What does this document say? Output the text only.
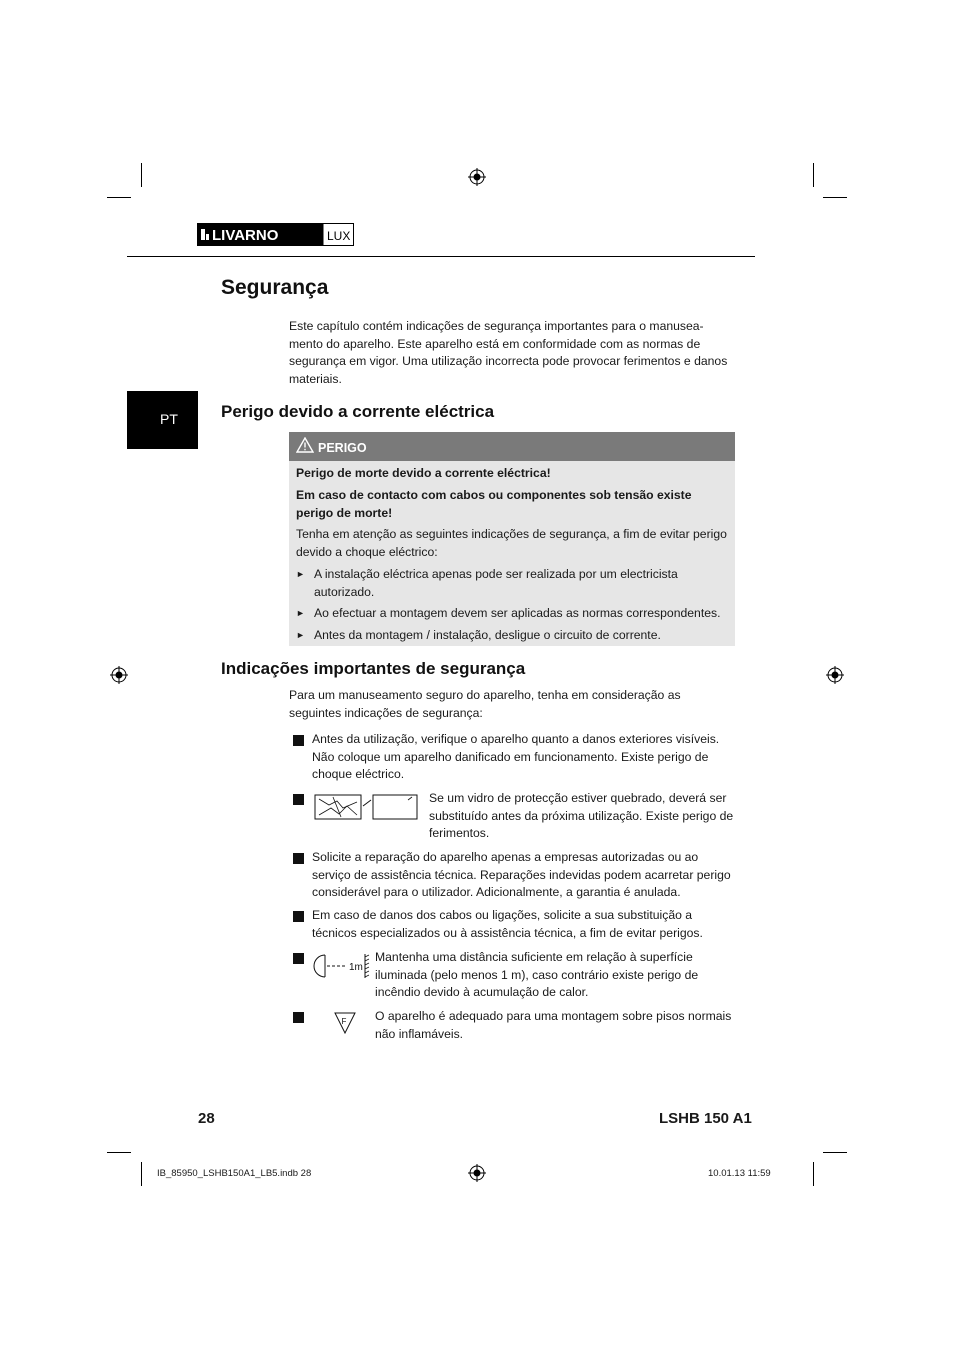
LIVARNO	LUX
Segurança

Este capítulo contém indicações de segurança importantes para o manusea-mento do aparelho. Este aparelho está em conformidade com as normas de segurança em vigor. Uma utilização incorrecta pode provocar ferimentos e danos materiais.

PT	Perigo devido a corrente eléctrica
PERIGO

Perigo de morte devido a corrente eléctrica!

Em caso de contacto com cabos ou componentes sob tensão existe perigo de morte!

Tenha em atenção as seguintes indicações de segurança, a fim de evitar perigo devido a choque eléctrico:

► A instalação eléctrica apenas pode ser realizada por um electricista autorizado.
► Ao efectuar a montagem devem ser aplicadas as normas correspondentes.
► Antes da montagem / instalação, desligue o circuito de corrente.
Indicações importantes de segurança

Para um manuseamento seguro do aparelho, tenha em consideração as seguintes indicações de segurança:

Antes da utilização, verifique o aparelho quanto a danos exteriores visíveis. Não coloque um aparelho danificado em funcionamento. Existe perigo de choque eléctrico.

Se um vidro de protecção estiver quebrado, deverá ser substituído antes da próxima utilização. Existe perigo de ferimentos.

Solicite a reparação do aparelho apenas a empresas autorizadas ou ao serviço de assistência técnica. Reparações indevidas podem acarretar perigo considerável para o utilizador. Adicionalmente, a garantia é anulada.

Em caso de danos dos cabos ou ligações, solicite a sua substituição a técnicos especializados ou à assistência técnica, a fim de evitar perigos.

1m

Mantenha uma distância suficiente em relação à superfície iluminada (pelo menos 1 m), caso contrário existe perigo de incêndio devido à acumulação de calor.

F O aparelho é adequado para uma montagem sobre pisos normais não inflamáveis.

28	LSHB 150 A1
IB_85950_LSHB150A1_LB5.indb 28	10.01.13 11:59
